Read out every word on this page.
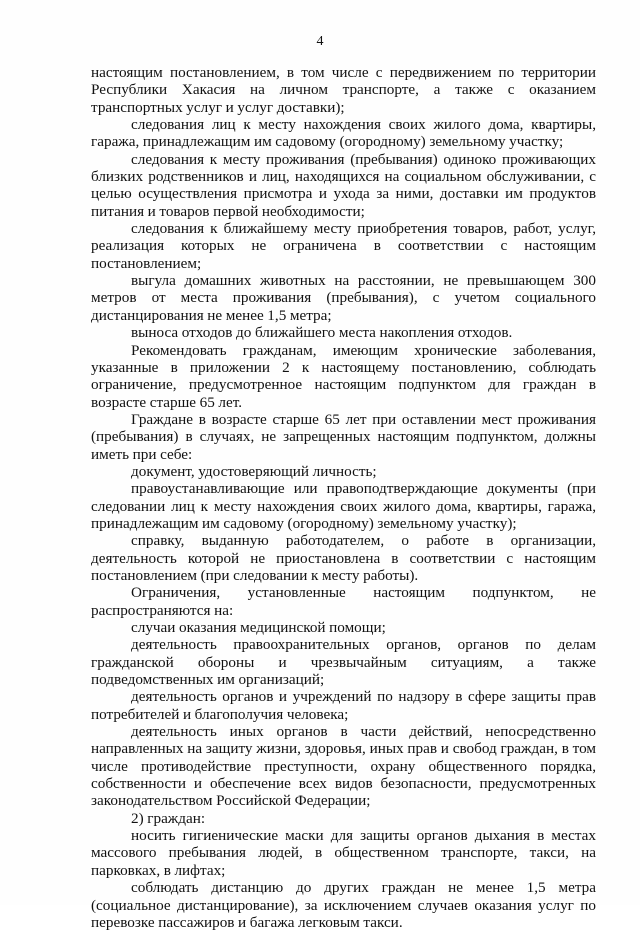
4

настоящим постановлением, в том числе с передвижением по территории Республики Хакасия на личном транспорте, а также с оказанием транспортных услуг и услуг доставки);

следования лиц к месту нахождения своих жилого дома, квартиры, гаража, принадлежащим им садовому (огородному) земельному участку;

следования к месту проживания (пребывания) одиноко проживающих близких родственников и лиц, находящихся на социальном обслуживании, с целью осуществления присмотра и ухода за ними, доставки им продуктов питания и товаров первой необходимости;

следования к ближайшему месту приобретения товаров, работ, услуг, реализация которых не ограничена в соответствии с настоящим постановлением;

выгула домашних животных на расстоянии, не превышающем 300 метров от места проживания (пребывания), с учетом социального дистанцирования не менее 1,5 метра;

выноса отходов до ближайшего места накопления отходов.

Рекомендовать гражданам, имеющим хронические заболевания, указанные в приложении 2 к настоящему постановлению, соблюдать ограничение, предусмотренное настоящим подпунктом для граждан в возрасте старше 65 лет.

Граждане в возрасте старше 65 лет при оставлении мест проживания (пребывания) в случаях, не запрещенных настоящим подпунктом, должны иметь при себе:

документ, удостоверяющий личность;

правоустанавливающие или правоподтверждающие документы (при следовании лиц к месту нахождения своих жилого дома, квартиры, гаража, принадлежащим им садовому (огородному) земельному участку);

справку, выданную работодателем, о работе в организации, деятельность которой не приостановлена в соответствии с настоящим постановлением (при следовании к месту работы).

Ограничения, установленные настоящим подпунктом, не распространяются на:

случаи оказания медицинской помощи;

деятельность правоохранительных органов, органов по делам гражданской обороны и чрезвычайным ситуациям, а также подведомственных им организаций;

деятельность органов и учреждений по надзору в сфере защиты прав потребителей и благополучия человека;

деятельность иных органов в части действий, непосредственно направленных на защиту жизни, здоровья, иных прав и свобод граждан, в том числе противодействие преступности, охрану общественного порядка, собственности и обеспечение всех видов безопасности, предусмотренных законодательством Российской Федерации;

2) граждан:

носить гигиенические маски для защиты органов дыхания в местах массового пребывания людей, в общественном транспорте, такси, на парковках, в лифтах;

соблюдать дистанцию до других граждан не менее 1,5 метра (социальное дистанцирование), за исключением случаев оказания услуг по перевозке пассажиров и багажа легковым такси.
